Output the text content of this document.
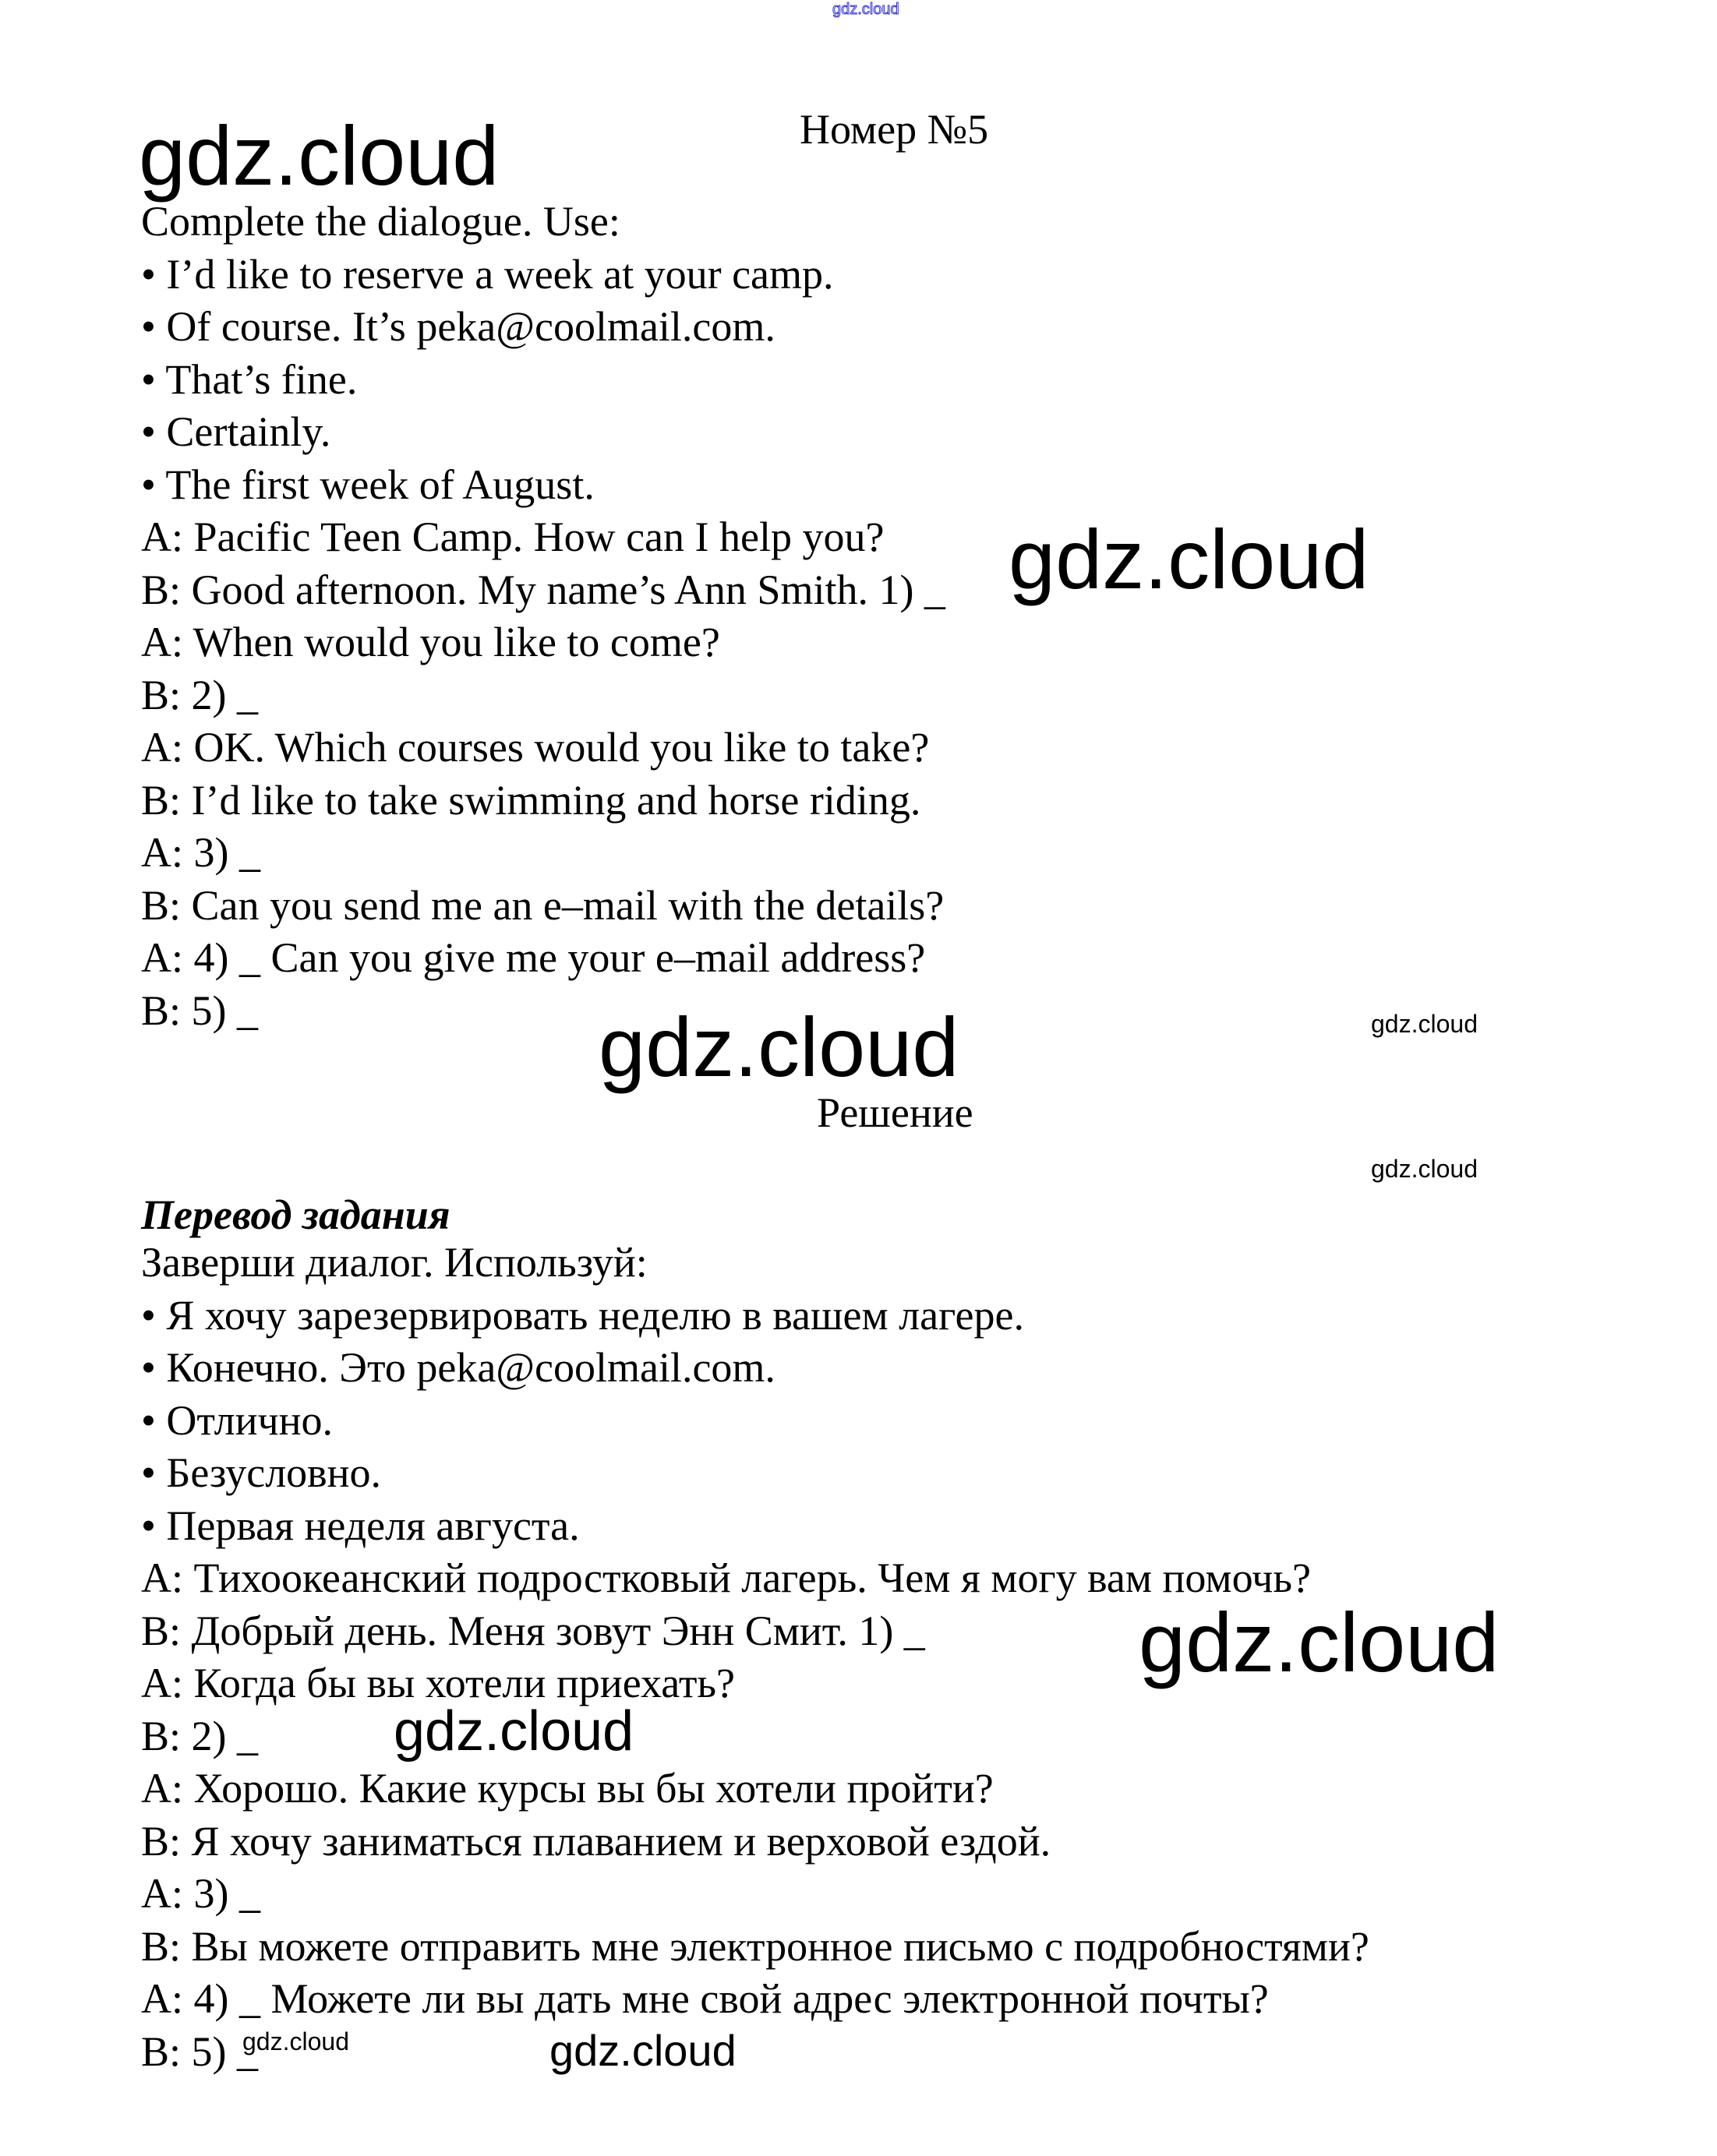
gdz.cloud
Номер №5
gdz.cloud
Complete the dialogue. Use:
• I’d like to reserve a week at your camp.
• Of course. It’s peka@coolmail.com.
• That’s fine.
• Certainly.
• The first week of August.
A: Pacific Teen Camp. How can I help you?
B: Good afternoon. My name’s Ann Smith. 1) _
A: When would you like to come?
B: 2) _
A: OK. Which courses would you like to take?
B: I’d like to take swimming and horse riding.
A: 3) _
B: Can you send me an e–mail with the details?
A: 4) _ Can you give me your e–mail address?
B: 5) _
gdz.cloud
gdz.cloud
gdz.cloud
Решение
gdz.cloud
Перевод задания
Заверши диалог. Используй:
• Я хочу зарезервировать неделю в вашем лагере.
• Конечно. Это peka@coolmail.com.
• Отлично.
• Безусловно.
• Первая неделя августа.
A: Тихоокеанский подростковый лагерь. Чем я могу вам помочь?
B: Добрый день. Меня зовут Энн Смит. 1) _
A: Когда бы вы хотели приехать?
B: 2) _
A: Хорошо. Какие курсы вы бы хотели пройти?
B: Я хочу заниматься плаванием и верховой ездой.
A: 3) _
B: Вы можете отправить мне электронное письмо с подробностями?
A: 4) _ Можете ли вы дать мне свой адрес электронной почты?
B: 5) _
gdz.cloud
gdz.cloud
gdz.cloud	gdz.cloud
